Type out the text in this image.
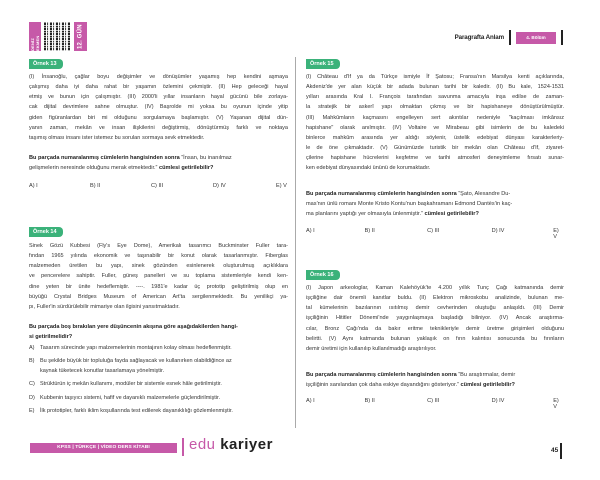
DENİZ EKMEN	12. GÜN	Paragrafta Anlam	4. Bölüm
Örnek 13
(I) İnsanoğlu, çağlar boyu değişimler ve dönüşümler yaşamış hep kendini aşmaya
çalışmış daha iyi daha rahat bir yaşamın özlemini çekmiştir. (II) Hep geleceği hayal
etmiş ve bunun için çalışmıştır. (III) 2000'li yıllar insanların hayal gücünü bile zorlaya-
cak dijital devrimlere sahne olmuştur. (IV) Başrolde mi yoksa bu oyunun içinde yitip
giden figüranlardan biri mi olduğunu sorgulamaya başlamıştır. (V) Yaşanan dijital dün-
yanın zaman, mekân ve insan ilişkilerini değiştirmiş, dönüştürmüş farklı ve noktaya
taşımış olması insanı ister istemez bu soruları sormaya sevk etmektedir.
Bu parçada numaralanmış cümlelerin hangisinden sonra “İnsan, bu inanılmaz
gelişmelerin neresinde olduğunu merak etmektedir.” cümlesi getirilebilir?
A) I	B) II	C) III	D) IV	E) V
Örnek 14
Sinek Gözü Kubbesi (Fly's Eye Dome), Amerikalı tasarımcı Buckminster Fuller tara-
fından 1965 yılında ekonomik ve taşınabilir bir konut olarak tasarlanmıştır. Fiberglas
malzemeden üretilen bu yapı, sinek gözünden esinlenerek oluşturulmuş açıklıklara
ve pencerelere sahiptir. Fuller, güneş panelleri ve su toplama sistemleriyle kendi ken-
dine yeten bir ünite hedeflemiştir. ----. 1981'e kadar üç prototip geliştirilmiş olup en
büyüğü Crystal Bridges Museum of American Art'ta sergilenmektedir. Bu yenilikçi ya-
pı, Fuller'in sürdürülebilir mimariye olan ilgisini yansıtmaktadır.
Bu parçada boş bırakılan yere düşüncenin akışına göre aşağıdakilerden hangi-
si getirilmelidir?
A)	Tasarım sürecinde yapı malzemelerinin montajının kolay olması hedeflenmiştir.
B)	Bu şekilde büyük bir topluluğa fayda sağlayacak ve kullanırken olabildiğince az
kaynak tüketecek konutlar tasarlamaya yönelmiştir.
C) Strüktürün iç mekân kullanımı, modüler bir sistemle esnek hâle getirilmiştir.
D) Kubbenin taşıyıcı sistemi, hafif ve dayanıklı malzemelerle güçlendirilmiştir.
E)	İlk prototipler, farklı iklim koşullarında test edilerek dayanıklılığı gözlemlenmiştir.
Örnek 15
(I) Château d'If ya da Türkçe ismiyle İf Şatosu; Fransa'nın Marsilya kenti açıklarında,
Akdeniz'de yer alan küçük bir adada bulunan tarihi bir kaledir. (II) Bu kale, 1524-1531
yılları arasında Kral I. François tarafından savunma amacıyla inşa edilse de zaman-
la stratejik bir askerî yapı olmaktan çıkmış ve bir hapishaneye dönüştürülmüştür.
(III) Mahkûmların kaçmasını engelleyen sert akıntılar nedeniyle "kaçılması imkânsız
hapishane" olarak anılmıştır. (IV) Voltaire ve Mirabeau gibi isimlerin de bu kaledeki
binlerce mahkûm arasında yer aldığı söylenir, üstelik edebiyat dünyası karakterleriy-
le de öne çıkmaktadır. (V) Günümüzde turistik bir mekân olan Château d'If, ziyaret-
çilerine hapishane hücrelerini keşfetme ve tarihi atmosferi deneyimleme fırsatı sunar-
ken edebiyat dünyasındaki ününü de korumaktadır.
Bu parçada numaralanmış cümlelerin hangisinden sonra “Şato, Alexandre Du-
mas'nın ünlü romanı Monte Kristo Kontu'nun başkahramanı Edmond Dantès'in kaç-
ma planlarını yaptığı yer olmasıyla ünlenmiştir.” cümlesi getirilebilir?
A) I	B) II	C) III	D) IV	E) V
Örnek 16
(I) Japon arkeologlar, Kaman Kalehöyük'te 4.200 yıllık Tunç Çağı katmanında demir
işçiliğine dair önemli kanıtlar buldu. (II) Elektron mikroskobu analizinde, bulunan me-
tal kümelerinin bazılarının ısıtılmış demir cevherinden oluştuğu anlaşıldı. (III) Demir
işçiliğinin Hititler Dönemi'nde yaygınlaşmaya başladığı biliniyor. (IV) Ancak araştırma-
cılar, Bronz Çağı'nda da bakır eritme teknikleriyle demir üretme girişimleri olduğunu
belirtti. (V) Aynı katmanda bulunan yaklaşık on fırın kalıntısı sonucunda bu fırınların
demir üretimi için kullanılıp kullanılmadığı araştırılıyor.
Bu parçada numaralanmış cümlelerin hangisinden sonra “Bu araştırmalar, demir
işçiliğinin sanılandan çok daha eskiye dayandığını gösteriyor.” cümlesi getirilebilir?
A) I	B) II	C) III	D) IV	E) V
KPSS | TÜRKÇE | VİDEO DERS KİTABI	edu kariyer	45
